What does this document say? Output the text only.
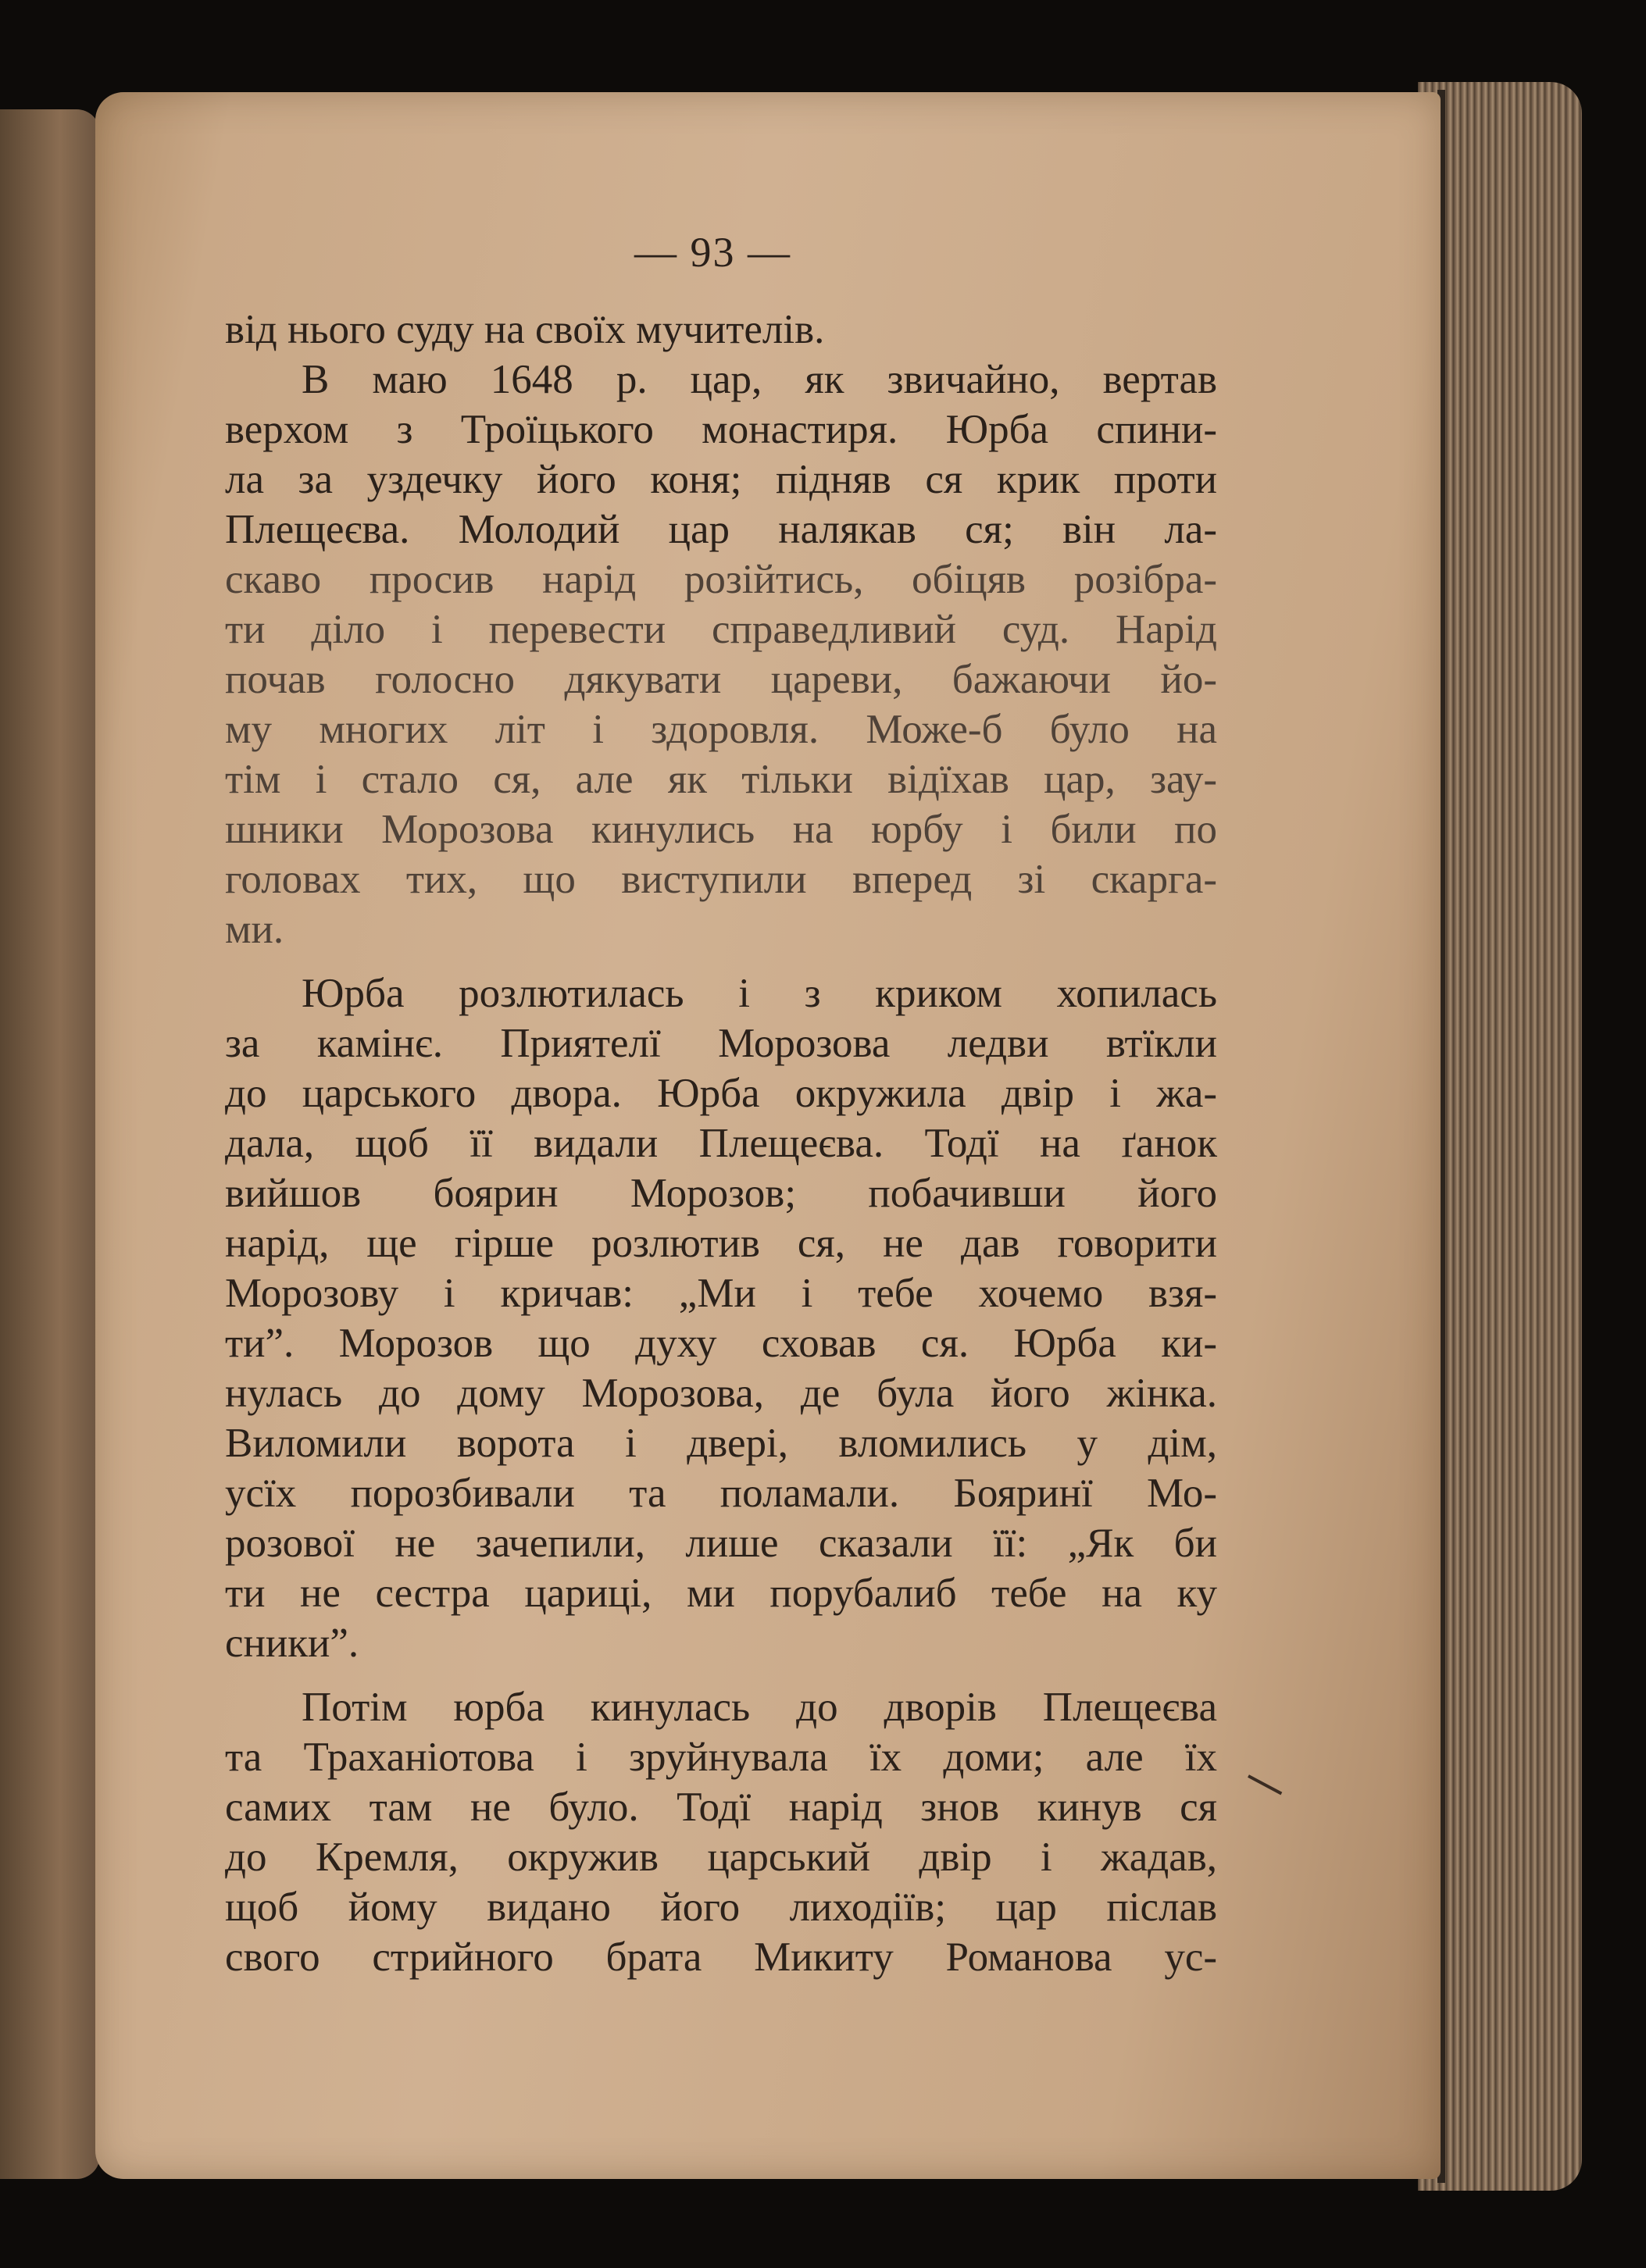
— 93 —
від нього суду на своїх мучителів.
В маю 1648 р. цар, як звичайно, вертав
верхом з Троїцького монастиря. Юрба спини-
ла за уздечку його коня; підняв ся крик проти
Плещеєва. Молодий цар налякав ся; він ла-
скаво просив нарід розійтись, обіцяв розібра-
ти діло і перевести справедливий суд. Нарід
почав голосно дякувати цареви, бажаючи йо-
му многих літ і здоровля. Може-б було на
тім і стало ся, але як тільки відїхав цар, зау-
шники Морозова кинулись на юрбу і били по
головах тих, що виступили вперед зі скарга-
ми.
Юрба розлютилась і з криком хопилась
за камінє. Приятелї Морозова ледви втїкли
до царського двора. Юрба окружила двір і жа-
дала, щоб її видали Плещеєва. Тодї на ґанок
вийшов боярин Морозов; побачивши його
нарід, ще гірше розлютив ся, не дав говорити
Морозову і кричав: „Ми і тебе хочемо взя-
ти”. Морозов що духу сховав ся. Юрба ки-
нулась до дому Морозова, де була його жінка.
Виломили ворота і двері, вломились у дім,
усїх порозбивали та поламали. Бояринї Мо-
розової не зачепили, лише сказали її: „Як би
ти не сестра цариці, ми порубалиб тебе на ку
сники”.
Потім юрба кинулась до дворів Плещеєва
та Траханіотова і зруйнувала їх доми; але їх
самих там не було. Тодї нарід знов кинув ся
до Кремля, окружив царський двір і жадав,
щоб йому видано його лиходіїв; цар післав
свого стрийного брата Микиту Романова ус-
